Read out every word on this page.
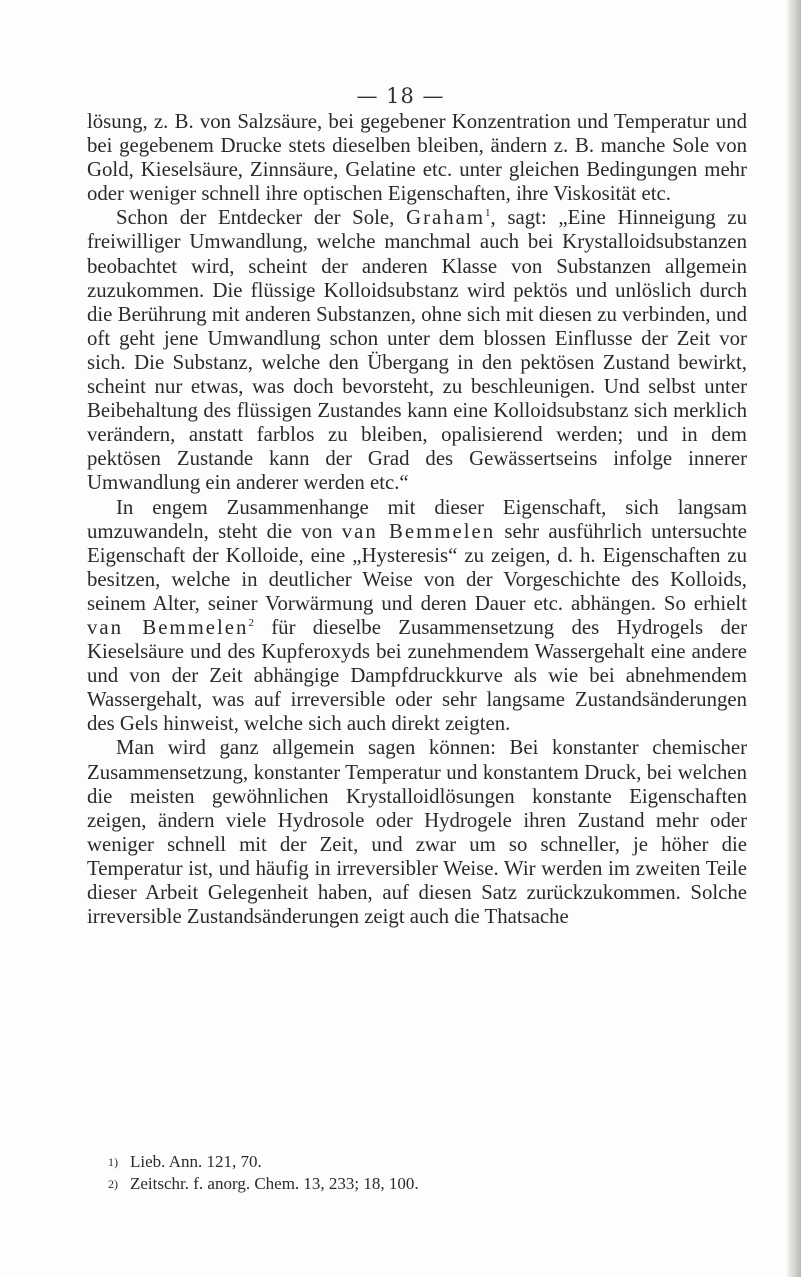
— 18 —

lösung, z. B. von Salzsäure, bei gegebener Konzentration und Temperatur und bei gegebenem Drucke stets dieselben bleiben, ändern z. B. manche Sole von Gold, Kieselsäure, Zinnsäure, Gelatine etc. unter gleichen Bedingungen mehr oder weniger schnell ihre optischen Eigenschaften, ihre Viskosität etc.

Schon der Entdecker der Sole, Graham$^1$, sagt: „Eine Hinneigung zu freiwilliger Umwandlung, welche manchmal auch bei Krystalloidsubstanzen beobachtet wird, scheint der anderen Klasse von Substanzen allgemein zuzukommen. Die flüssige Kolloidsubstanz wird pektös und unlöslich durch die Berührung mit anderen Substanzen, ohne sich mit diesen zu verbinden, und oft geht jene Umwandlung schon unter dem blossen Einflusse der Zeit vor sich. Die Substanz, welche den Übergang in den pektösen Zustand bewirkt, scheint nur etwas, was doch bevorsteht, zu beschleunigen. Und selbst unter Beibehaltung des flüssigen Zustandes kann eine Kolloidsubstanz sich merklich verändern, anstatt farblos zu bleiben, opalisierend werden; und in dem pektösen Zustande kann der Grad des Gewässertseins infolge innerer Umwandlung ein anderer werden etc.“

In engem Zusammenhange mit dieser Eigenschaft, sich langsam umzuwandeln, steht die von van Bemmelen sehr ausführlich untersuchte Eigenschaft der Kolloide, eine „Hysteresis“ zu zeigen, d. h. Eigenschaften zu besitzen, welche in deutlicher Weise von der Vorgeschichte des Kolloids, seinem Alter, seiner Vorwärmung und deren Dauer etc. abhängen. So erhielt van Bemmelen$^2$ für dieselbe Zusammensetzung des Hydrogels der Kieselsäure und des Kupferoxyds bei zunehmendem Wassergehalt eine andere und von der Zeit abhängige Dampfdruckkurve als wie bei abnehmendem Wassergehalt, was auf irreversible oder sehr langsame Zustandsänderungen des Gels hinweist, welche sich auch direkt zeigten.

Man wird ganz allgemein sagen können: Bei konstanter chemischer Zusammensetzung, konstanter Temperatur und konstantem Druck, bei welchen die meisten gewöhnlichen Krystalloidlösungen konstante Eigenschaften zeigen, ändern viele Hydrosole oder Hydrogele ihren Zustand mehr oder weniger schnell mit der Zeit, und zwar um so schneller, je höher die Temperatur ist, und häufig in irreversibler Weise. Wir werden im zweiten Teile dieser Arbeit Gelegenheit haben, auf diesen Satz zurückzukommen. Solche irreversible Zustandsänderungen zeigt auch die Thatsache

1) Lieb. Ann. 121, 70.
2) Zeitschr. f. anorg. Chem. 13, 233; 18, 100.
